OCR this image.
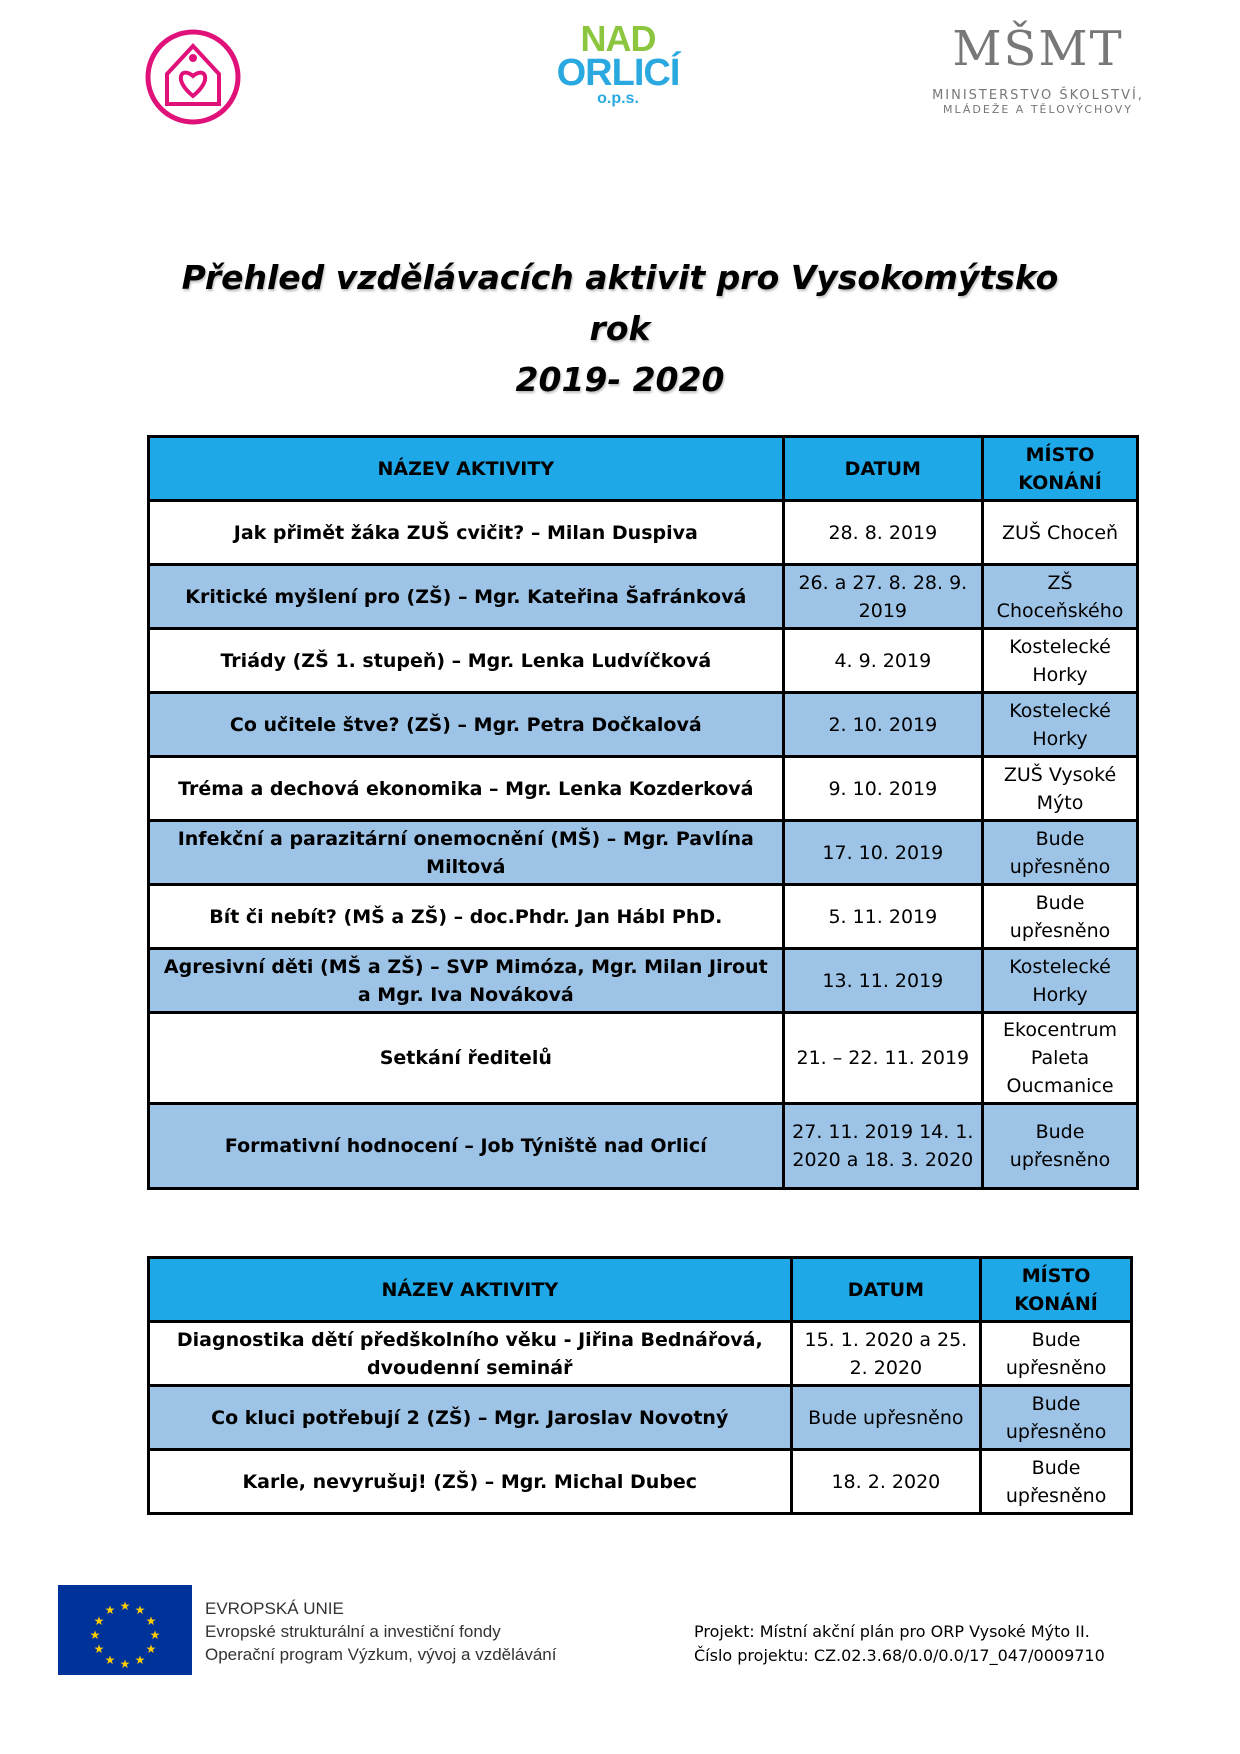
NAD
ORLICÍ
o.p.s.
MŠMT
MINISTERSTVO ŠKOLSTVÍ,
MLÁDEŽE A TĚLOVÝCHOVY
Přehled vzdělávacích aktivit pro Vysokomýtsko
rok
2019- 2020
NÁZEV AKTIVITY	DATUM	MÍSTO KONÁNÍ
Jak přimět žáka ZUŠ cvičit? – Milan Duspiva	28. 8. 2019	ZUŠ Choceň
Kritické myšlení pro (ZŠ) – Mgr. Kateřina Šafránková	26. a 27. 8. 28. 9. 2019	ZŠ Choceňského
Triády (ZŠ 1. stupeň) – Mgr. Lenka Ludvíčková	4. 9. 2019	Kostelecké Horky
Co učitele štve? (ZŠ) – Mgr. Petra Dočkalová	2. 10. 2019	Kostelecké Horky
Tréma a dechová ekonomika – Mgr. Lenka Kozderková	9. 10. 2019	ZUŠ Vysoké Mýto
Infekční a parazitární onemocnění (MŠ) – Mgr. Pavlína Miltová	17. 10. 2019	Bude upřesněno
Bít či nebít? (MŠ a ZŠ) – doc.Phdr. Jan Hábl PhD.	5. 11. 2019	Bude upřesněno
Agresivní děti (MŠ a ZŠ) – SVP Mimóza, Mgr. Milan Jirout a Mgr. Iva Nováková	13. 11. 2019	Kostelecké Horky
Setkání ředitelů	21. – 22. 11. 2019	Ekocentrum Paleta Oucmanice
Formativní hodnocení – Job Týniště nad Orlicí	27. 11. 2019 14. 1. 2020 a 18. 3. 2020	Bude upřesněno
NÁZEV AKTIVITY	DATUM	MÍSTO KONÁNÍ
Diagnostika dětí předškolního věku - Jiřina Bednářová, dvoudenní seminář	15. 1. 2020 a 25. 2. 2020	Bude upřesněno
Co kluci potřebují 2 (ZŠ) – Mgr. Jaroslav Novotný	Bude upřesněno	Bude upřesněno
Karle, nevyrušuj! (ZŠ) – Mgr. Michal Dubec	18. 2. 2020	Bude upřesněno
★ ★
★
★
★
★
★
★
★
★
★
★	EVROPSKÁ UNIE
Evropské strukturální a investiční fondy
Operační program Výzkum, vývoj a vzdělávání
Projekt: Místní akční plán pro ORP Vysoké Mýto II.
Číslo projektu: CZ.02.3.68/0.0/0.0/17_047/0009710
